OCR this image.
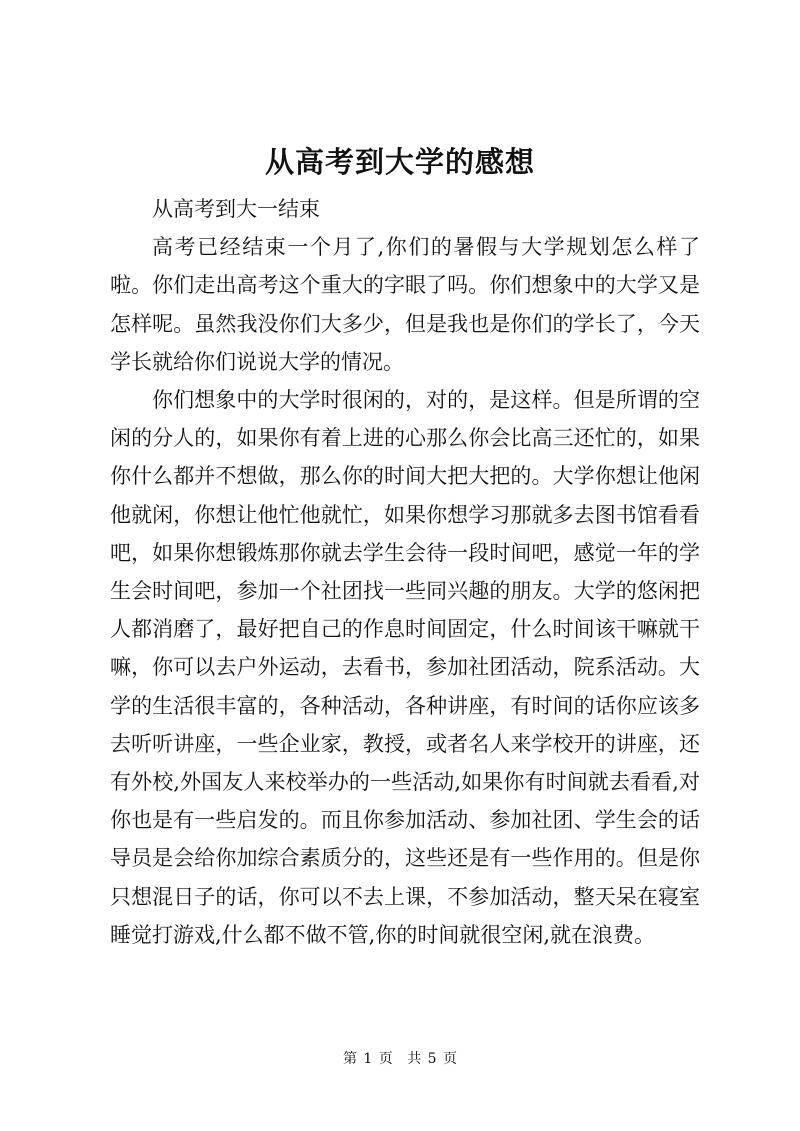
从高考到大学的感想

从高考到大一结束

高考已经结束一个月了,你们的暑假与大学规划怎么样了啦。你们走出高考这个重大的字眼了吗。你们想象中的大学又是怎样呢。虽然我没你们大多少，但是我也是你们的学长了，今天学长就给你们说说大学的情况。

你们想象中的大学时很闲的，对的，是这样。但是所谓的空闲的分人的，如果你有着上进的心那么你会比高三还忙的，如果你什么都并不想做，那么你的时间大把大把的。大学你想让他闲他就闲，你想让他忙他就忙，如果你想学习那就多去图书馆看看吧，如果你想锻炼那你就去学生会待一段时间吧，感觉一年的学生会时间吧，参加一个社团找一些同兴趣的朋友。大学的悠闲把人都消磨了，最好把自己的作息时间固定，什么时间该干嘛就干嘛，你可以去户外运动，去看书，参加社团活动，院系活动。大学的生活很丰富的，各种活动，各种讲座，有时间的话你应该多去听听讲座，一些企业家，教授，或者名人来学校开的讲座，还有外校,外国友人来校举办的一些活动,如果你有时间就去看看,对你也是有一些启发的。而且你参加活动、参加社团、学生会的话导员是会给你加综合素质分的，这些还是有一些作用的。但是你只想混日子的话，你可以不去上课，不参加活动，整天呆在寝室睡觉打游戏,什么都不做不管,你的时间就很空闲,就在浪费。

第 1 页 共 5 页
